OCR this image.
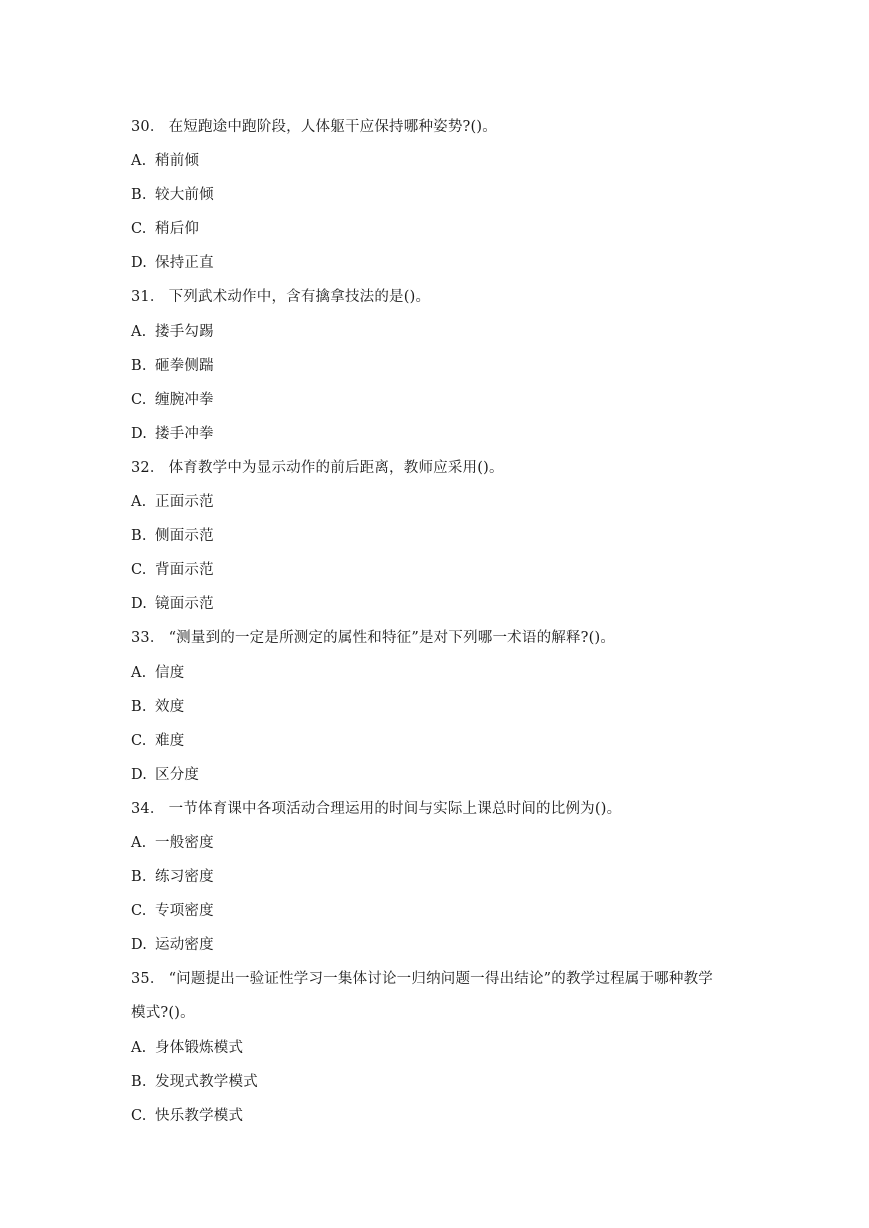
30． 在短跑途中跑阶段，人体躯干应保持哪种姿势?()。
A. 稍前倾
B. 较大前倾
C. 稍后仰
D. 保持正直
31． 下列武术动作中，含有擒拿技法的是()。
A. 搂手勾踢
B. 砸拳侧踹
C. 缠腕冲拳
D. 搂手冲拳
32． 体育教学中为显示动作的前后距离，教师应采用()。
A. 正面示范
B. 侧面示范
C. 背面示范
D. 镜面示范
33． “测量到的一定是所测定的属性和特征”是对下列哪一术语的解释?()。
A. 信度
B. 效度
C. 难度
D. 区分度
34． 一节体育课中各项活动合理运用的时间与实际上课总时间的比例为()。
A. 一般密度
B. 练习密度
C. 专项密度
D. 运动密度
35． “问题提出一验证性学习一集体讨论一归纳问题一得出结论”的教学过程属于哪种教学
模式?()。
A. 身体锻炼模式
B. 发现式教学模式
C. 快乐教学模式
